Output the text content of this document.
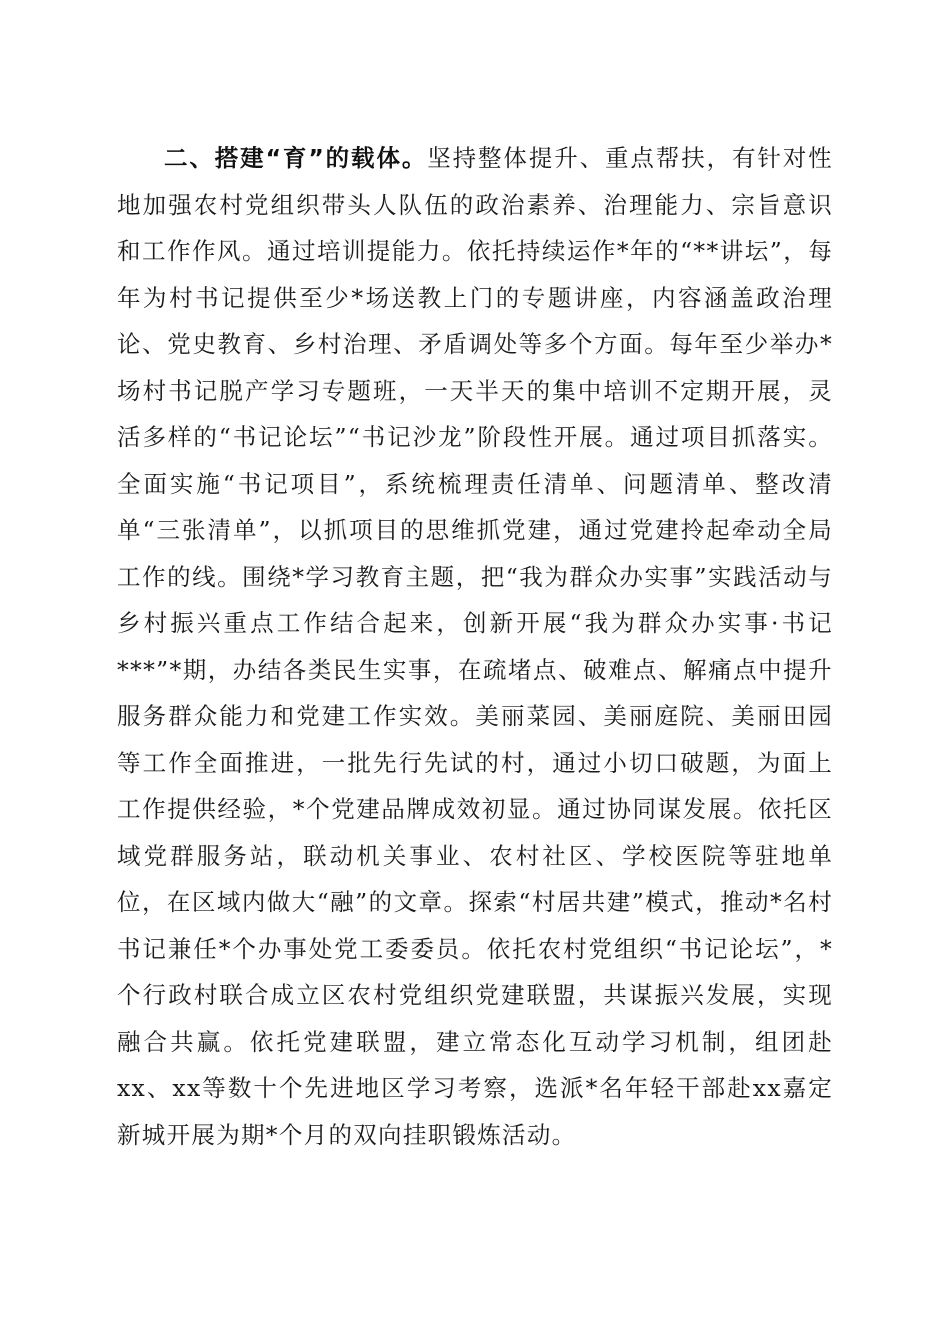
二、搭建“育”的载体。坚持整体提升、重点帮扶，有针对性地加强农村党组织带头人队伍的政治素养、治理能力、宗旨意识和工作作风。通过培训提能力。依托持续运作*年的“**讲坛”，每年为村书记提供至少*场送教上门的专题讲座，内容涵盖政治理论、党史教育、乡村治理、矛盾调处等多个方面。每年至少举办*场村书记脱产学习专题班，一天半天的集中培训不定期开展，灵活多样的“书记论坛”“书记沙龙”阶段性开展。通过项目抓落实。全面实施“书记项目”，系统梳理责任清单、问题清单、整改清单“三张清单”，以抓项目的思维抓党建，通过党建拎起牵动全局工作的线。围绕*学习教育主题，把“我为群众办实事”实践活动与乡村振兴重点工作结合起来，创新开展“我为群众办实事·书记***”*期，办结各类民生实事，在疏堵点、破难点、解痛点中提升服务群众能力和党建工作实效。美丽菜园、美丽庭院、美丽田园等工作全面推进，一批先行先试的村，通过小切口破题，为面上工作提供经验，*个党建品牌成效初显。通过协同谋发展。依托区域党群服务站，联动机关事业、农村社区、学校医院等驻地单位，在区域内做大“融”的文章。探索“村居共建”模式，推动*名村书记兼任*个办事处党工委委员。依托农村党组织“书记论坛”，*个行政村联合成立区农村党组织党建联盟，共谋振兴发展，实现融合共赢。依托党建联盟，建立常态化互动学习机制，组团赴xx、xx等数十个先进地区学习考察，选派*名年轻干部赴xx嘉定新城开展为期*个月的双向挂职锻炼活动。
